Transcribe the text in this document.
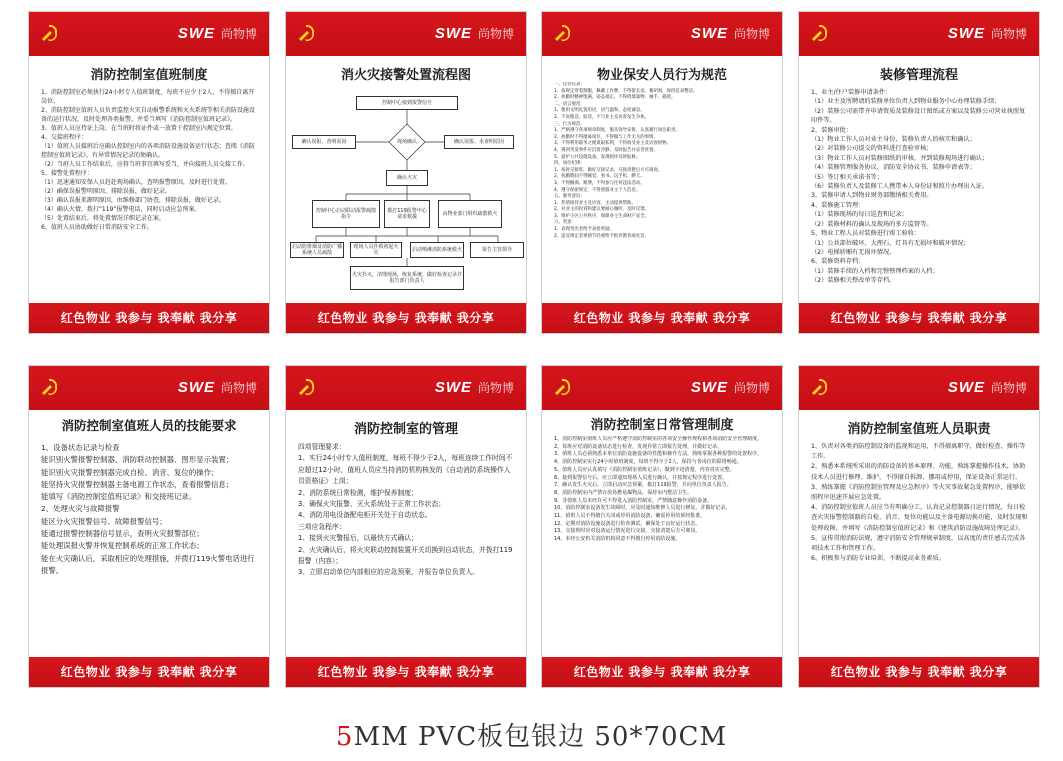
SWE 尚物博
消防控制室值班制度
1、消防控制室必须执行24小时专人值班制度，每班不应少于2人，不得擅自离开岗位。
2、消防控制室值班人员负责监控火灾自动报警系统和灭火系统等相关消防设施设备的运行状况，及时处理各类报警，并妥当填写《消防控制室值班记录》。
3、值班人员应持证上岗，在当班时将证件或一放置于控制室内规定位置。
4、交接班程序：
（1）值班人员接班后应确认控制室内的各项消防设施设备运行状态；查阅《消防控制室值班记录》，有异常情况记录的须确认。
（2）当班人员工作结束后，应将当班事宜填写妥当，并向接班人员交接工作。
5、接警处置程序：
（1）迅速通知安保人员赶赴现场确认，查明报警原因，及时进行处置。
（2）确保误报警明原因，排除误报，做好记录。
（3）确认误报来源明原因，由维修部门协查，排除误报，做好记录。
（4）确认火情，拨打“119”报警电话，同时启动应急预案。
（5）处置结束后，将处置情况详细记录在案。
6、值班人员协助做好日常消防安全工作。
红色物业 我参与 我奉献 我分享
SWE 尚物博
消火灾接警处置流程图
控制中心接到报警信号
现场确认
确认误报、查明原因	确认误报、未查明原因
确认火灾
控制中心启动联动报警疏散指令
拨打119报警中心请求救援
由物业部门组织疏散救火
启动防排烟及消防广播系统人员疏散
现场人员扑救初起火灾
启动喷淋消防系统救火	报告主管领导
火灾扑灭，清理现场，恢复系统，做好检查记录并报告部门负责人
红色物业 我参与 我奉献 我分享
SWE 尚物博
物业保安人员行为规范
一、仪容仪表：
1、按规定穿着制服，佩戴工作牌，不得留长发、蓄胡须，保持仪表整洁。
2、执勤时精神饱满，姿态端正，不得倚墙靠物、袖手、插兜。
二、语言规范：
1、使用文明礼貌用语，语气温和，态度诚恳。
2、不说粗话、脏话，不与业主及访客发生争执。
三、行为规范：
1、严格遵守各项规章制度，服从领导安排，认真履行岗位职责。
2、执勤时不得擅离岗位，不得做与工作无关的事情。
3、不得利用职务之便谋取私利，不得收受业主及访客财物。
4、遇到突发事件应沉着冷静，及时报告并妥善处置。
5、爱护公共设施设备，发现损坏及时报修。
四、岗位纪律：
1、按时交接班，做好交接记录，交接清楚后方可离岗。
2、执勤期间不得睡觉、看书、玩手机、聊天。
3、不得酗酒、赌博，不得参与任何违法活动。
4、遵守保密规定，不得泄露业主个人信息。
五、服务意识：
1、热情接待业主及访客，主动提供帮助。
2、对业主的投诉和建议要耐心倾听，及时反馈。
3、维护小区公共秩序，保障业主生命财产安全。
六、奖惩：
1、表现突出者给予表扬奖励。
2、违反规定者视情节轻重给予批评教育或处罚。
红色物业 我参与 我奉献 我分享
SWE 尚物博
装修管理流程
1、业主/住户装修申请条件：
（1）业主及所聘请的装修单位负责人到物业服务中心办理装修手续；
（2）装修公司需带齐申请资质及装修设计图纸或方案以及装修公司营业执照复印件等。
2、装修审批：
（1）物业工作人员对业主身份、装修负责人的核实和确认；
（2）对装修公司提交的资料进行查验审核；
（3）物业工作人员对装修图纸的审核，并到装修现场进行确认；
（4）装修管理服务协议、消防安全协议书、装修申请表等；
（5）签订相关承诺书等；
（6）装修负责人及装修工人携带本人身份证和照片办理出入证。
3、装修申请人到物业财务部缴纳相关费用。
4、装修施工管理：
（1）装修现场的每日巡查和记录；
（2）装修材料的确认及现场的多方监督等。
5、物业工程人员对装修进行竣工验收：
（1）公共部位破坏、大理石、灯具有无损坏和破坏情况；
（2）电梯轿厢有无损坏情况。
6、装修资料存档：
（1）装修手续的入档和完整整理档案的入档；
（2）装修相关整改单等存档。
红色物业 我参与 我奉献 我分享
SWE 尚物博
消防控制室值班人员的技能要求
1、设备状态记录与检查
能识别火警报警控制器、消防联动控制器、图形显示装置；
能识别火灾报警控制器完成自检、消音、复位的操作；
能坚持火灾报警控制器主备电源工作状态，查看报警信息；
能填写《消防控制室值班记录》和交接班记录。
2、处理火灾与故障报警
能区分火灾报警信号、故障报警信号；
能通过报警控制器信号显示，查明火灾报警部位；
能处理误报火警并恢复控制系统的正常工作状态；
能在火灾确认后，采取相应的处理措施，并拨打119火警电话进行报警。
红色物业 我参与 我奉献 我分享
SWE 尚物博
消防控制室的管理
四项管理要求：
1、实行24小时专人值班制度，每班不得少于2人，每班连续工作时间不应超过12小时，值班人员应当持消防机构核发的《自动消防系统操作人员资格证》上岗；
2、消防系统日常检测，维护保养制度；
3、确保火灾报警、灭火系统处于正常工作状态；
4、消防用电设备配电柜开关处于自动状态。
三项应急程序：
1、接到火灾警报后，以最快方式确认；
2、火灾确认后，将火灾联动控制装置开关切换到自动状态，并拨打119报警（内容）；
3、立即启动单位内部相应的应急预案，并报告单位负责人。
红色物业 我参与 我奉献 我分享
SWE 尚物博
消防控制室日常管理制度
1、消防控制室值班人员应严格遵守消防控制室的各项安全操作规程和各项消防安全管理制度。
2、每班应对消防设备状态进行检查，发现异常立即报告处理，并做好记录。
3、值班人员必须熟悉本单位消防设施设备的性能和操作方法，熟练掌握各种报警的处置程序。
4、消防控制室实行24小时值班制度，每班不得少于2人，保持与各岗位的联络畅通。
5、值班人员应认真填写《消防控制室值班记录》，做到字迹清楚、内容真实完整。
6、接到报警信号后，应立即通知现场人员进行确认，并按规定程序进行处置。
7、确认发生火灾后，立即启动应急预案，拨打119报警，并向单位负责人报告。
8、消防控制室内严禁存放易燃易爆物品，保持室内整洁卫生。
9、非值班人员未经许可不得进入消防控制室，严禁随意操作消防设备。
10、消防控制室设备发生故障时，应及时通知维修人员进行修复，并做好记录。
11、值班人员不得擅自关闭或停用消防设备，确需停用的须经批准。
12、定期对消防设施设备进行检查测试，确保处于良好运行状态。
13、交接班时应对设备运行情况进行交接，交接清楚后方可离岗。
14、未经公安机关消防机构同意不得擅自停用消防设施。
红色物业 我参与 我奉献 我分享
SWE 尚物博
消防控制室值班人员职责
1、负责对各类消防控制设备的监视和运用，不得擅离职守，做好检查、操作等工作。
2、熟悉本系统所采用的消防设备的基本原理、功能，熟练掌握操作技术，协助技术人员进行修理、维护，不得擅自拆卸、挪用或停用，保证设备正常运行。
3、熟练掌握《消防控制室管理及应急程序》等火灾事故紧急处置程序，能够依照程序迅速开展应急处置。
4、消防控制室值班人员应当有明确分工，认真记录控制器日运行情况，每日检查火灾报警控制器的自检、消音、复位功能以及主备电源切换功能，及时发现和处理故障，并填写《消防控制室值班记录》和《建筑消防设施故障处理记录》。
5、宣传贯彻消防法规，遵守消防安全管理规章制度，以高度的责任感去完成各项技术工作和管理工作。
6、积极参与消防专业培训，不断提高业务素质。
红色物业 我参与 我奉献 我分享
5MM PVC板包银边 50*70CM
